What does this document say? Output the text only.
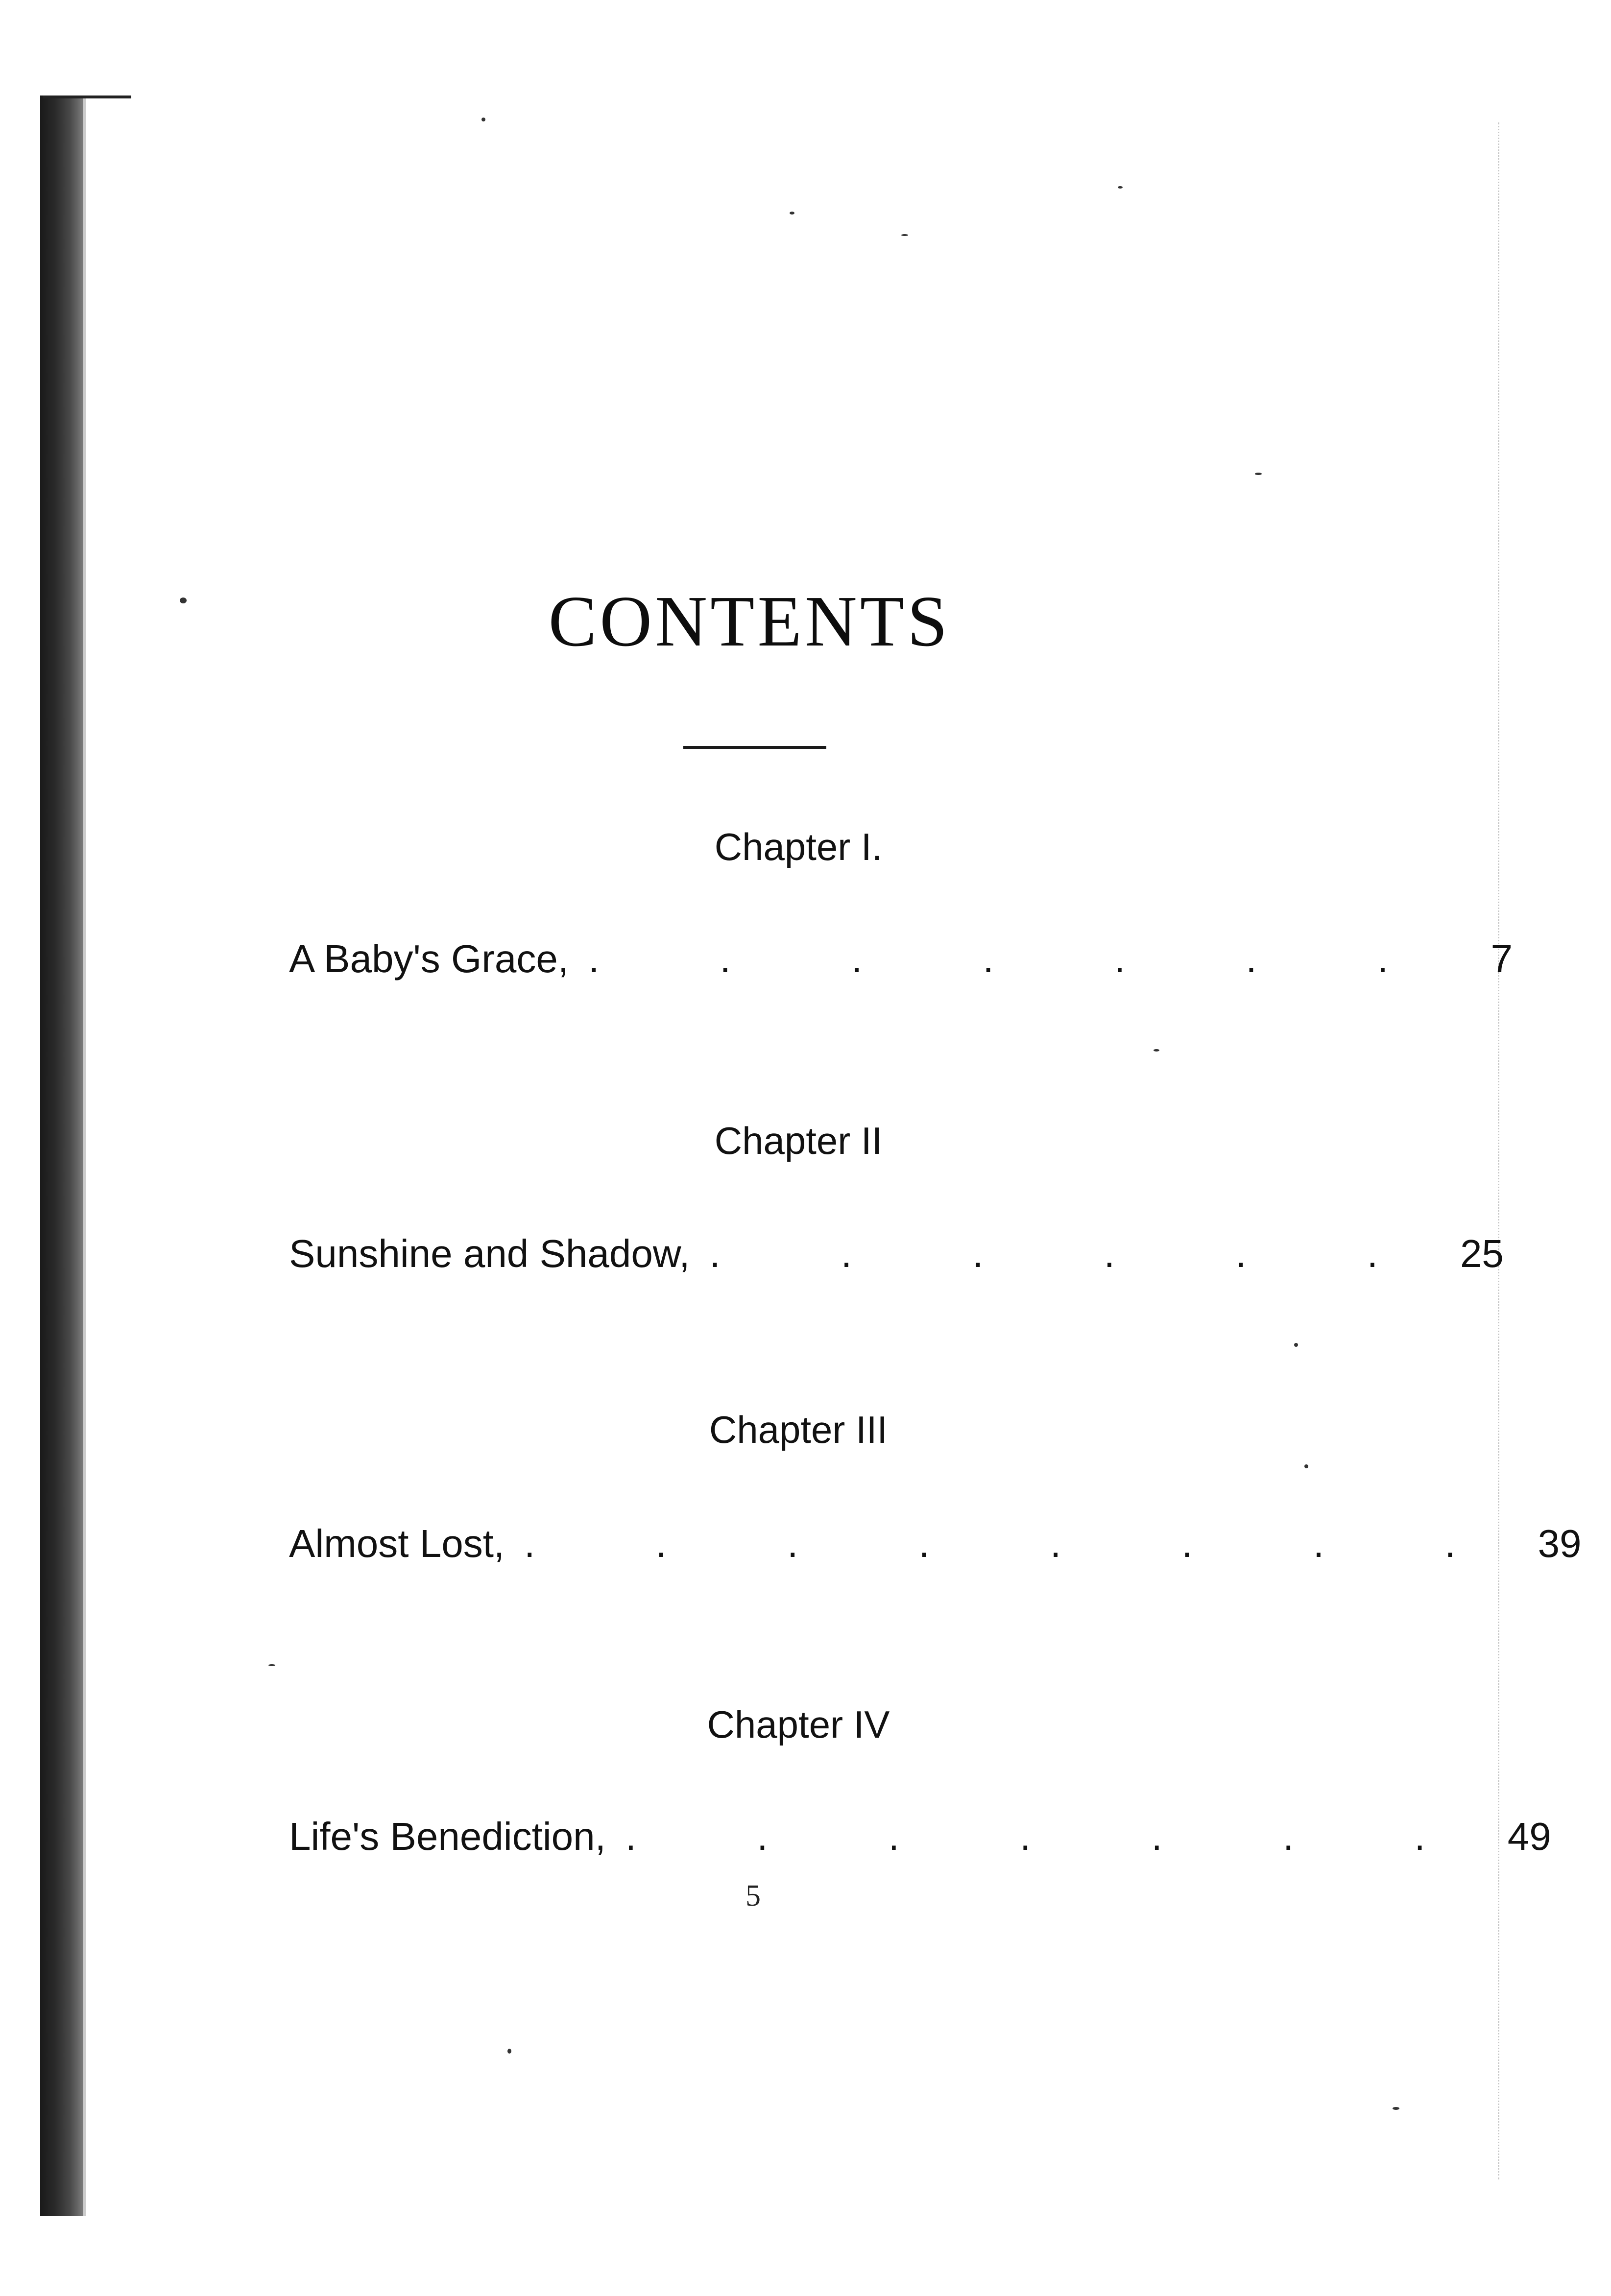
CONTENTS
Chapter I.
A Baby's Grace, . . . . . . .	7
Chapter II
Sunshine and Shadow, . . . . . . 25
Chapter III
Almost Lost, . . . . . . . . 39
Chapter IV
Life's Benediction, . . . . . . . 49
5
